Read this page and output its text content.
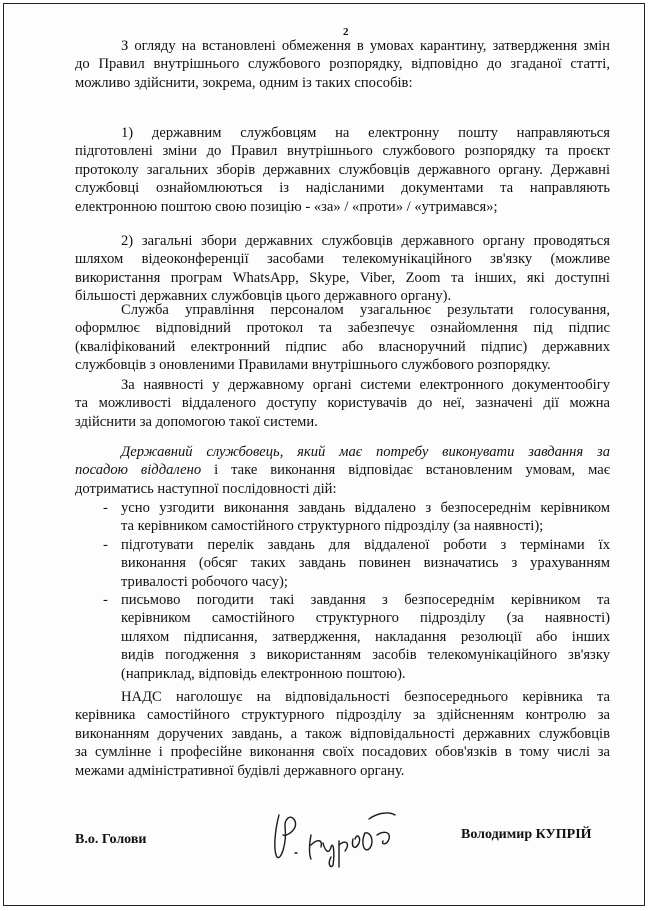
2
З огляду на встановлені обмеження в умовах карантину, затвердження змін
до Правил внутрішнього службового розпорядку, відповідно до згаданої статті,
можливо здійснити, зокрема, одним із таких способів:
1) державним службовцям на електронну пошту направляються
підготовлені зміни до Правил внутрішнього службового розпорядку та проєкт
протоколу загальних зборів державних службовців державного органу. Державні
службовці ознайомлюються із надісланими документами та направляють
електронною поштою свою позицію - «за» / «проти» / «утримався»;
2) загальні збори державних службовців державного органу проводяться
шляхом відеоконференції засобами телекомунікаційного зв'язку (можливе
використання програм WhatsApp, Skype, Viber, Zoom та інших, які доступні
більшості державних службовців цього державного органу).
Служба управління персоналом узагальнює результати голосування,
оформлює відповідний протокол та забезпечує ознайомлення під підпис
(кваліфікований електронний підпис або власноручний підпис) державних
службовців з оновленими Правилами внутрішнього службового розпорядку.
За наявності у державному органі системи електронного документообігу
та можливості віддаленого доступу користувачів до неї, зазначені дії можна
здійснити за допомогою такої системи.
Державний службовець, який має потребу виконувати завдання за
посадою віддалено і таке виконання відповідає встановленим умовам, має
дотриматись наступної послідовності дій:
- усно узгодити виконання завдань віддалено з безпосереднім керівником
та керівником самостійного структурного підрозділу (за наявності);
- підготувати перелік завдань для віддаленої роботи з термінами їх
виконання (обсяг таких завдань повинен визначатись з урахуванням
тривалості робочого часу);
- письмово погодити такі завдання з безпосереднім керівником та
керівником самостійного структурного підрозділу (за наявності)
шляхом підписання, затвердження, накладання резолюції або інших
видів погодження з використанням засобів телекомунікаційного зв'язку
(наприклад, відповідь електронною поштою).
НАДС наголошує на відповідальності безпосереднього керівника та
керівника самостійного структурного підрозділу за здійсненням контролю за
виконанням доручених завдань, а також відповідальності державних службовців
за сумлінне і професійне виконання своїх посадових обов'язків в тому числі за
межами адміністративної будівлі державного органу.
В.о. Голови	Володимир КУПРІЙ
